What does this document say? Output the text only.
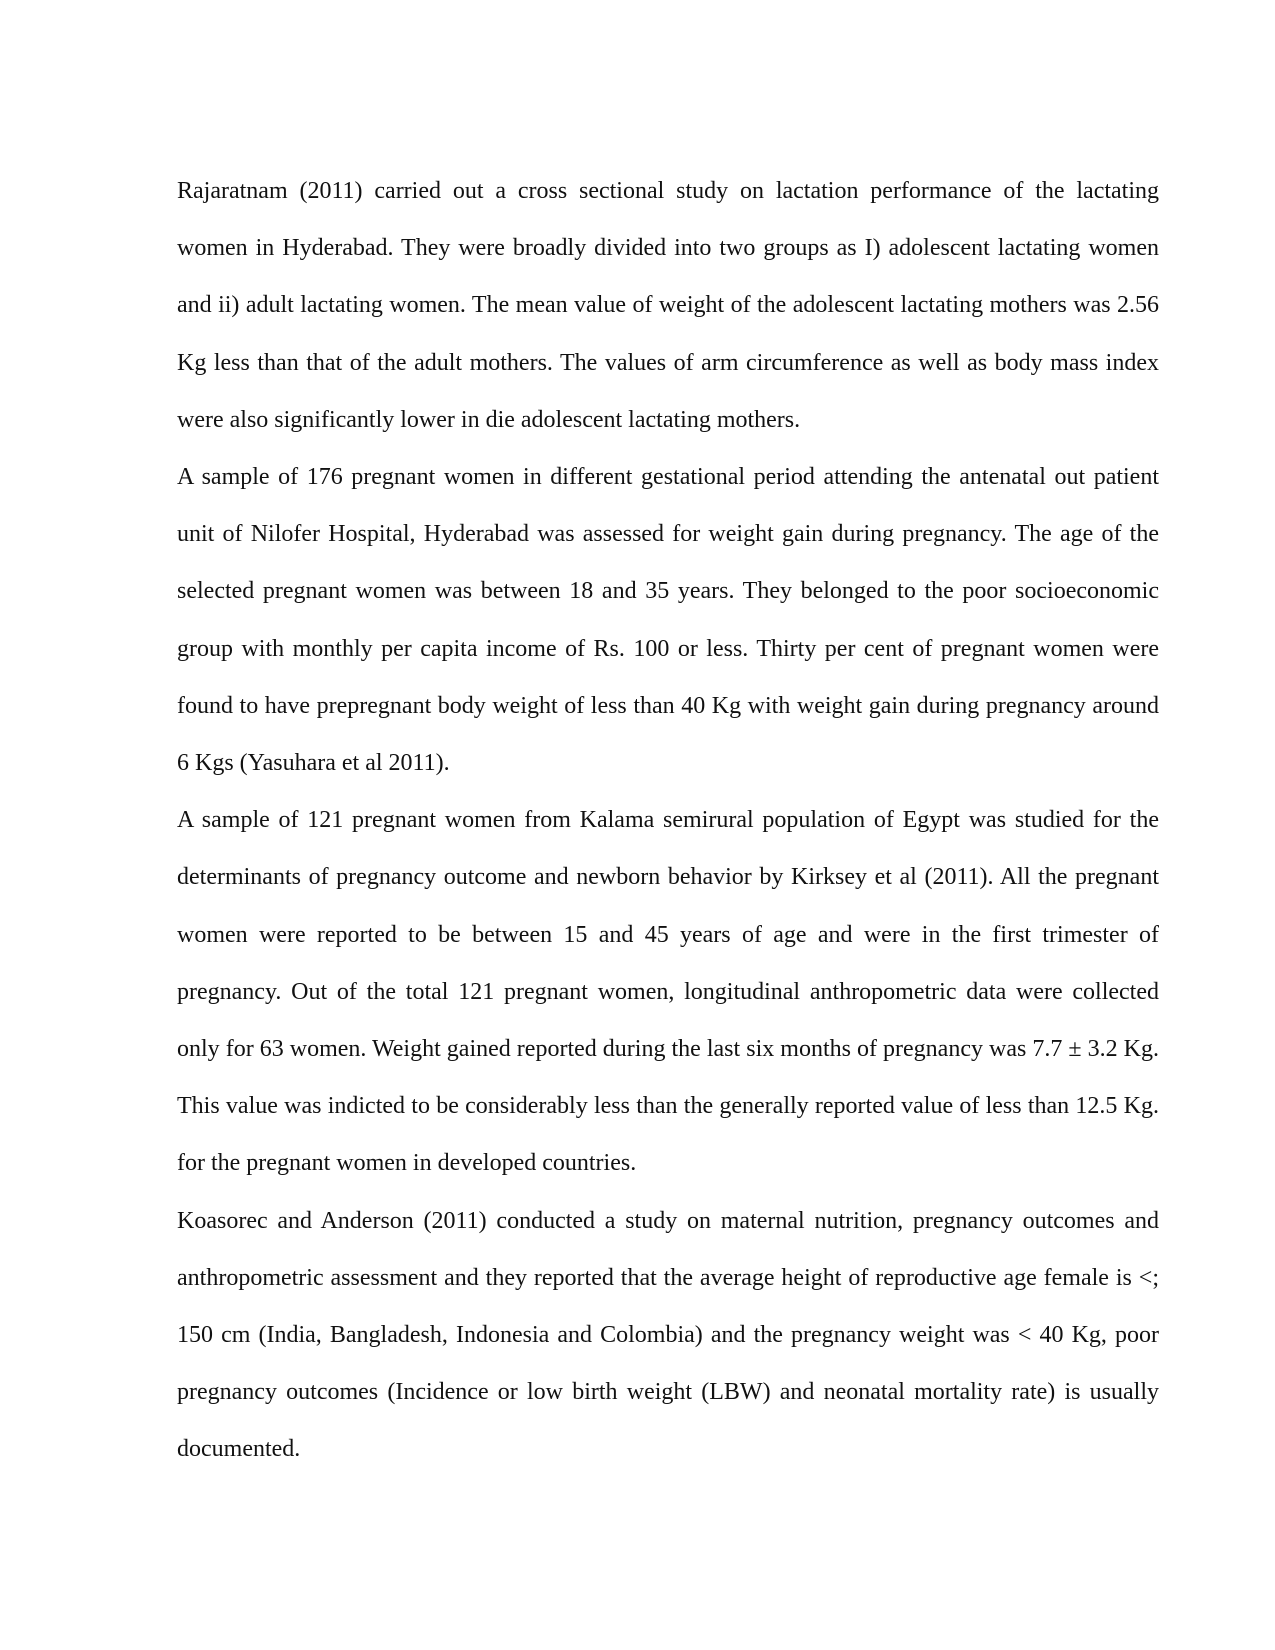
Rajaratnam (2011) carried out a cross sectional study on lactation performance of the lactating women in Hyderabad. They were broadly divided into two groups as I) adolescent lactating women and ii) adult lactating women. The mean value of weight of the adolescent lactating mothers was 2.56 Kg less than that of the adult mothers. The values of arm circumference as well as body mass index were also significantly lower in die adolescent lactating mothers.

A sample of 176 pregnant women in different gestational period attending the antenatal out patient unit of Nilofer Hospital, Hyderabad was assessed for weight gain during pregnancy. The age of the selected pregnant women was between 18 and 35 years. They belonged to the poor socioeconomic group with monthly per capita income of Rs. 100 or less. Thirty per cent of pregnant women were found to have prepregnant body weight of less than 40 Kg with weight gain during pregnancy around 6 Kgs (Yasuhara et al 2011).

A sample of 121 pregnant women from Kalama semirural population of Egypt was studied for the determinants of pregnancy outcome and newborn behavior by Kirksey et al (2011). All the pregnant women were reported to be between 15 and 45 years of age and were in the first trimester of pregnancy. Out of the total 121 pregnant women, longitudinal anthropometric data were collected only for 63 women. Weight gained reported during the last six months of pregnancy was 7.7 ± 3.2 Kg. This value was indicted to be considerably less than the generally reported value of less than 12.5 Kg. for the pregnant women in developed countries.

Koasorec and Anderson (2011) conducted a study on maternal nutrition, pregnancy outcomes and anthropometric assessment and they reported that the average height of reproductive age female is <; 150 cm (India, Bangladesh, Indonesia and Colombia) and the pregnancy weight was < 40 Kg, poor pregnancy outcomes (Incidence or low birth weight (LBW) and neonatal mortality rate) is usually documented.
